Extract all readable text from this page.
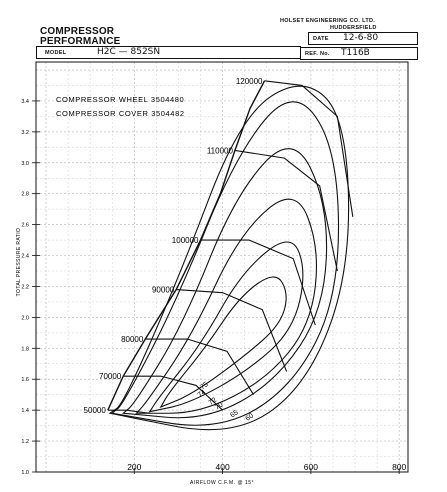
COMPRESSOR
PERFORMANCE
HOLSET ENGINEERING CO. LTD.
HUDDERSFIELD
MODEL	H2C — 852SN
DATE 12-6-80
REF. No. T116B
75
74
72
70
65 60
50000
70000
80000
90000
100000
110000
120000
1.0
1.2
1.4
1.6
1.8
2.0
2.2
2.4
2.6
2.8
3.0
3.2
3.4
200	400	600	800
COMPRESSOR WHEEL 3504480
COMPRESSOR COVER 3504482
AIRFLOW C.F.M. @ 15°
TOTAL PRESSURE RATIO
